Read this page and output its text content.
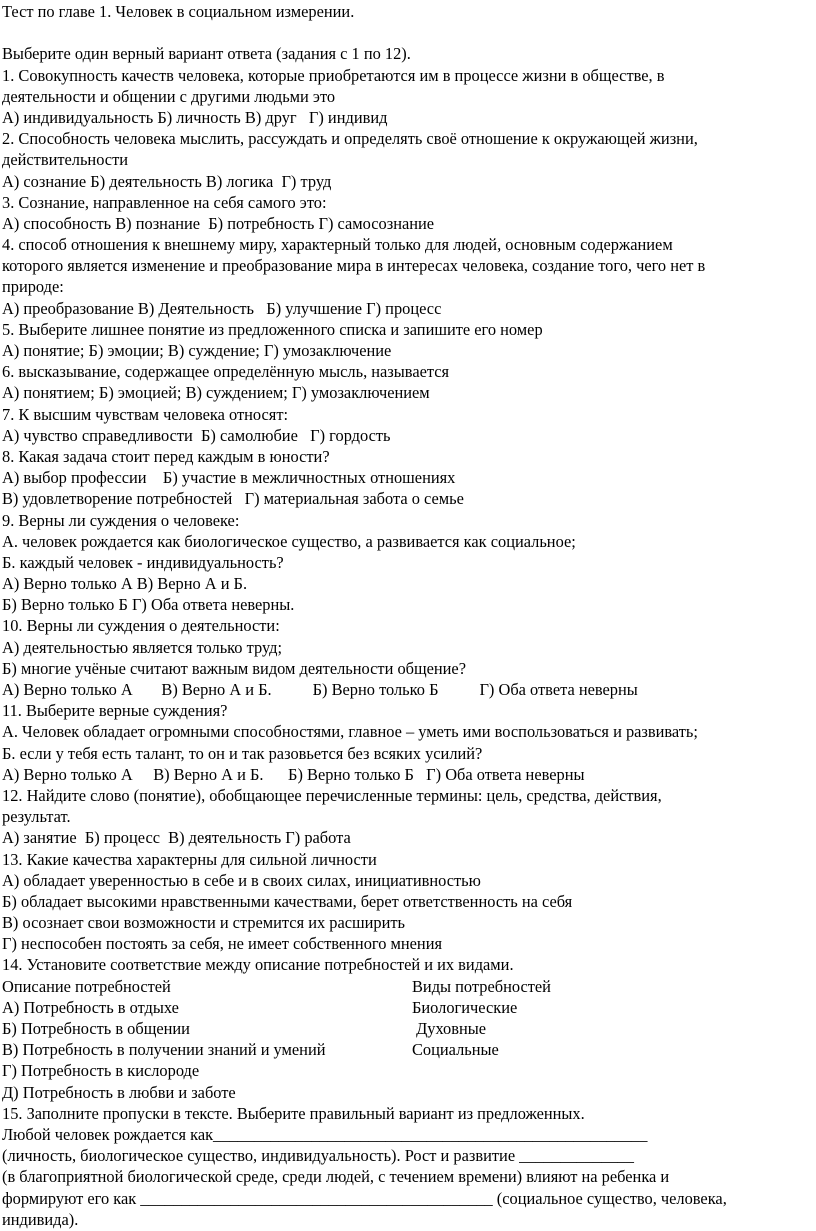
Тест по главе 1. Человек в социальном измерении.
Выберите один верный вариант ответа (задания с 1 по 12).
1. Совокупность качеств человека, которые приобретаются им в процессе жизни в обществе, в
деятельности и общении с другими людьми это
А) индивидуальность Б) личность В) друг   Г) индивид
2. Способность человека мыслить, рассуждать и определять своё отношение к окружающей жизни,
действительности
А) сознание Б) деятельность В) логика  Г) труд
3. Сознание, направленное на себя самого это:
А) способность В) познание  Б) потребность Г) самосознание
4. способ отношения к внешнему миру, характерный только для людей, основным содержанием
которого является изменение и преобразование мира в интересах человека, создание того, чего нет в
природе:
А) преобразование В) Деятельность   Б) улучшение Г) процесс
5. Выберите лишнее понятие из предложенного списка и запишите его номер
А) понятие; Б) эмоции; В) суждение; Г) умозаключение
6. высказывание, содержащее определённую мысль, называется
А) понятием; Б) эмоцией; В) суждением; Г) умозаключением
7. К высшим чувствам человека относят:
А) чувство справедливости  Б) самолюбие   Г) гордость
8. Какая задача стоит перед каждым в юности?
А) выбор профессии    Б) участие в межличностных отношениях
В) удовлетворение потребностей   Г) материальная забота о семье
9. Верны ли суждения о человеке:
А. человек рождается как биологическое существо, а развивается как социальное;
Б. каждый человек - индивидуальность?
А) Верно только А В) Верно А и Б.
Б) Верно только Б Г) Оба ответа неверны.
10. Верны ли суждения о деятельности:
А) деятельностью является только труд;
Б) многие учёные считают важным видом деятельности общение?
А) Верно только А       В) Верно А и Б.          Б) Верно только Б          Г) Оба ответа неверны
11. Выберите верные суждения?
А. Человек обладает огромными способностями, главное – уметь ими воспользоваться и развивать;
Б. если у тебя есть талант, то он и так разовьется без всяких усилий?
А) Верно только А     В) Верно А и Б.      Б) Верно только Б   Г) Оба ответа неверны
12. Найдите слово (понятие), обобщающее перечисленные термины: цель, средства, действия,
результат.
А) занятие  Б) процесс  В) деятельность Г) работа
13. Какие качества характерны для сильной личности
А) обладает уверенностью в себе и в своих силах, инициативностью
Б) обладает высокими нравственными качествами, берет ответственность на себя
В) осознает свои возможности и стремится их расширить
Г) неспособен постоять за себя, не имеет собственного мнения
14. Установите соответствие между описание потребностей и их видами.
Описание потребностей	Виды потребностей
А) Потребность в отдыхе	Биологические
Б) Потребность в общении	Духовные
В) Потребность в получении знаний и умений	Социальные
Г) Потребность в кислороде
Д) Потребность в любви и заботе
15. Заполните пропуски в тексте. Выберите правильный вариант из предложенных.
Любой человек рождается как_____________________________________________________
(личность, биологическое существо, индивидуальность). Рост и развитие ______________
(в благоприятной биологической среде, среди людей, с течением времени) влияют на ребенка и
формируют его как ___________________________________________ (социальное существо, человека,
индивида).
